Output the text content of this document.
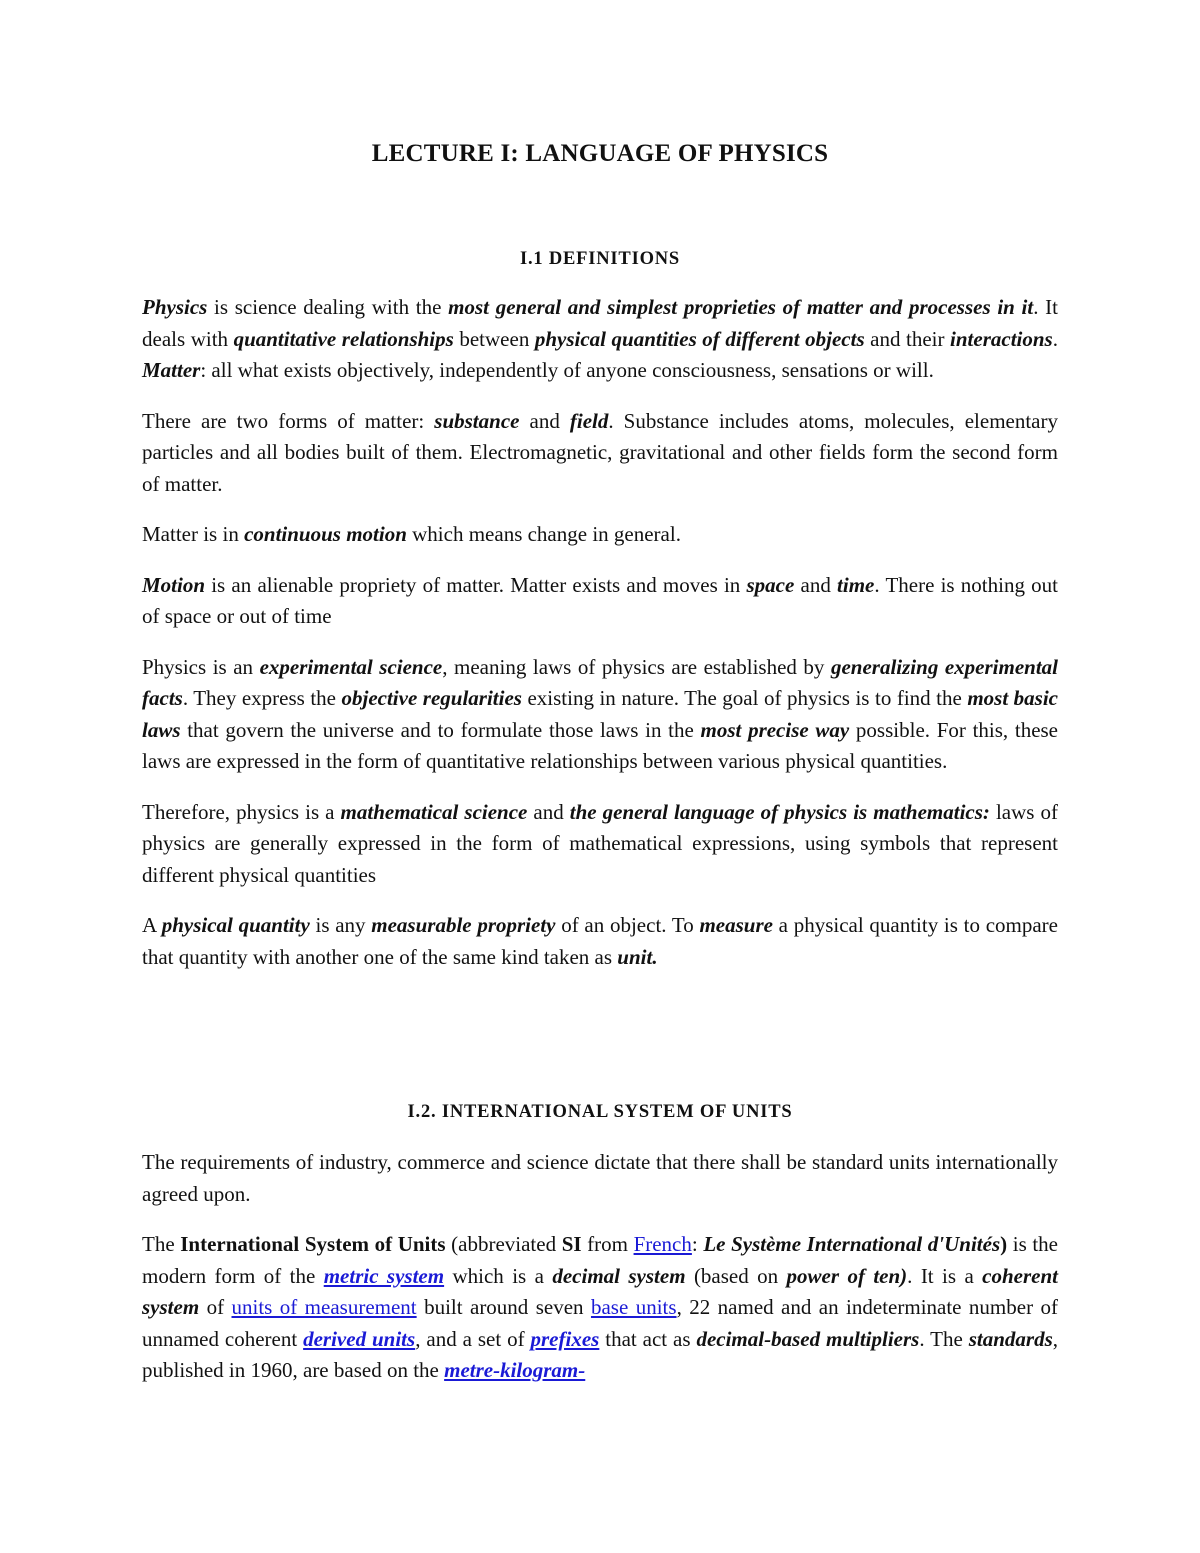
LECTURE I: LANGUAGE OF PHYSICS
I.1 DEFINITIONS

Physics is science dealing with the most general and simplest proprieties of matter and processes in it. It deals with quantitative relationships between physical quantities of different objects and their interactions. Matter: all what exists objectively, independently of anyone consciousness, sensations or will.

There are two forms of matter: substance and field. Substance includes atoms, molecules, elementary particles and all bodies built of them. Electromagnetic, gravitational and other fields form the second form of matter.

Matter is in continuous motion which means change in general.

Motion is an alienable propriety of matter. Matter exists and moves in space and time. There is nothing out of space or out of time

Physics is an experimental science, meaning laws of physics are established by generalizing experimental facts. They express the objective regularities existing in nature. The goal of physics is to find the most basic laws that govern the universe and to formulate those laws in the most precise way possible. For this, these laws are expressed in the form of quantitative relationships between various physical quantities.

Therefore, physics is a mathematical science and the general language of physics is mathematics: laws of physics are generally expressed in the form of mathematical expressions, using symbols that represent different physical quantities

A physical quantity is any measurable propriety of an object. To measure a physical quantity is to compare that quantity with another one of the same kind taken as unit.

I.2. INTERNATIONAL SYSTEM OF UNITS

The requirements of industry, commerce and science dictate that there shall be standard units internationally agreed upon.

The International System of Units (abbreviated SI from French: Le Système International d'Unités) is the modern form of the metric system which is a decimal system (based on power of ten). It is a coherent system of units of measurement built around seven base units, 22 named and an indeterminate number of unnamed coherent derived units, and a set of prefixes that act as decimal-based multipliers. The standards, published in 1960, are based on the metre-kilogram-
